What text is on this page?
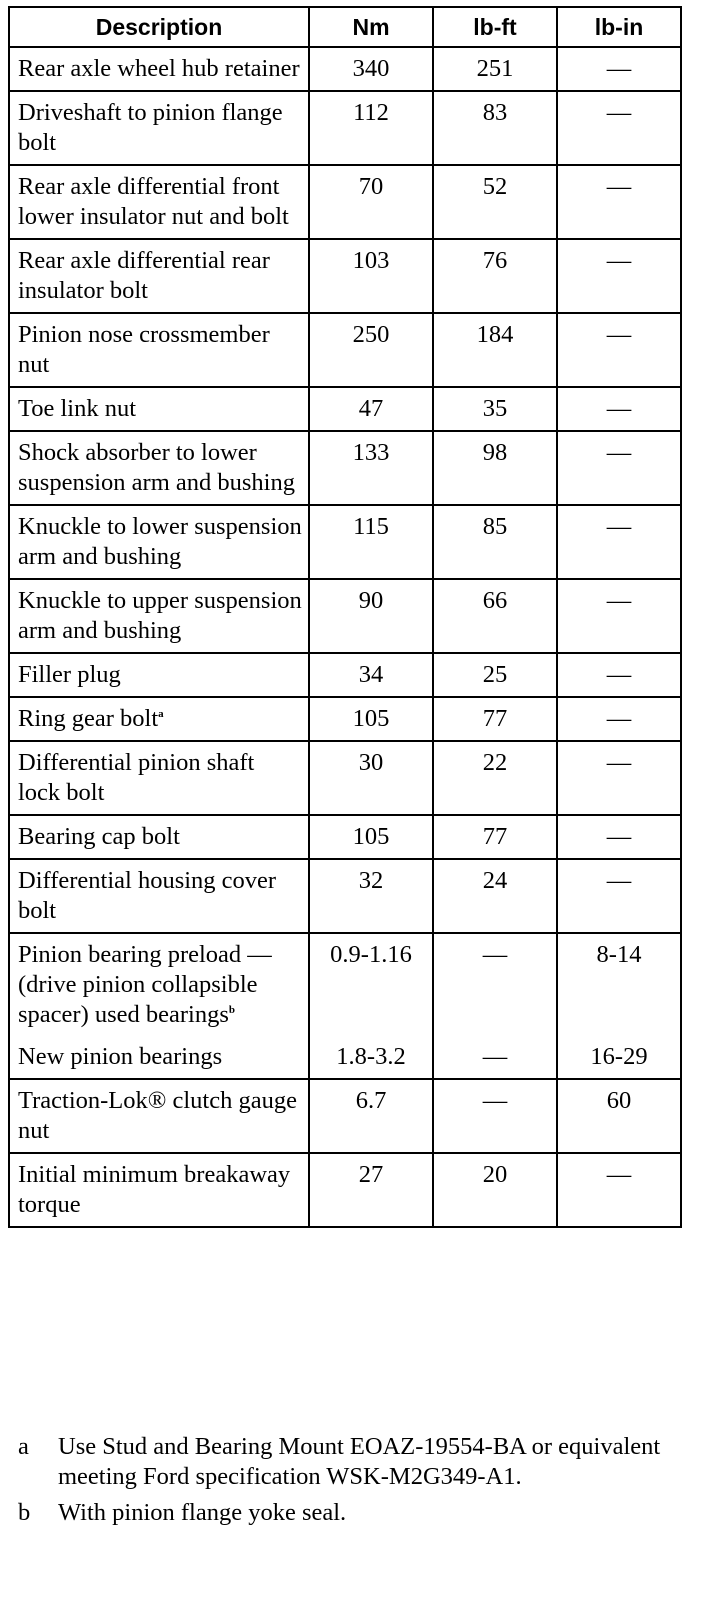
Description	Nm	lb-ft	lb-in
Rear axle wheel hub retainer	340	251	—
Driveshaft to pinion flange bolt	112	83	—
Rear axle differential front lower insulator nut and bolt	70	52	—
Rear axle differential rear insulator bolt	103	76	—
Pinion nose crossmember nut	250	184	—
Toe link nut	47	35	—
Shock absorber to lower suspension arm and bushing	133	98	—
Knuckle to lower suspension arm and bushing	115	85	—
Knuckle to upper suspension arm and bushing	90	66	—
Filler plug	34	25	—
Ring gear bolt$^a$	105	77	—
Differential pinion shaft lock bolt	30	22	—
Bearing cap bolt	105	77	—
Differential housing cover bolt	32	24	—
Pinion bearing preload — (drive pinion collapsible spacer) used bearings$^b$	0.9-1.16	—	8-14
New pinion bearings	1.8-3.2	—	16-29
Traction-Lok® clutch gauge nut	6.7	—	60
Initial minimum breakaway torque	27	20	—
a	Use Stud and Bearing Mount EOAZ-19554-BA or equivalent meeting Ford specification WSK-M2G349-A1.
b	With pinion flange yoke seal.
